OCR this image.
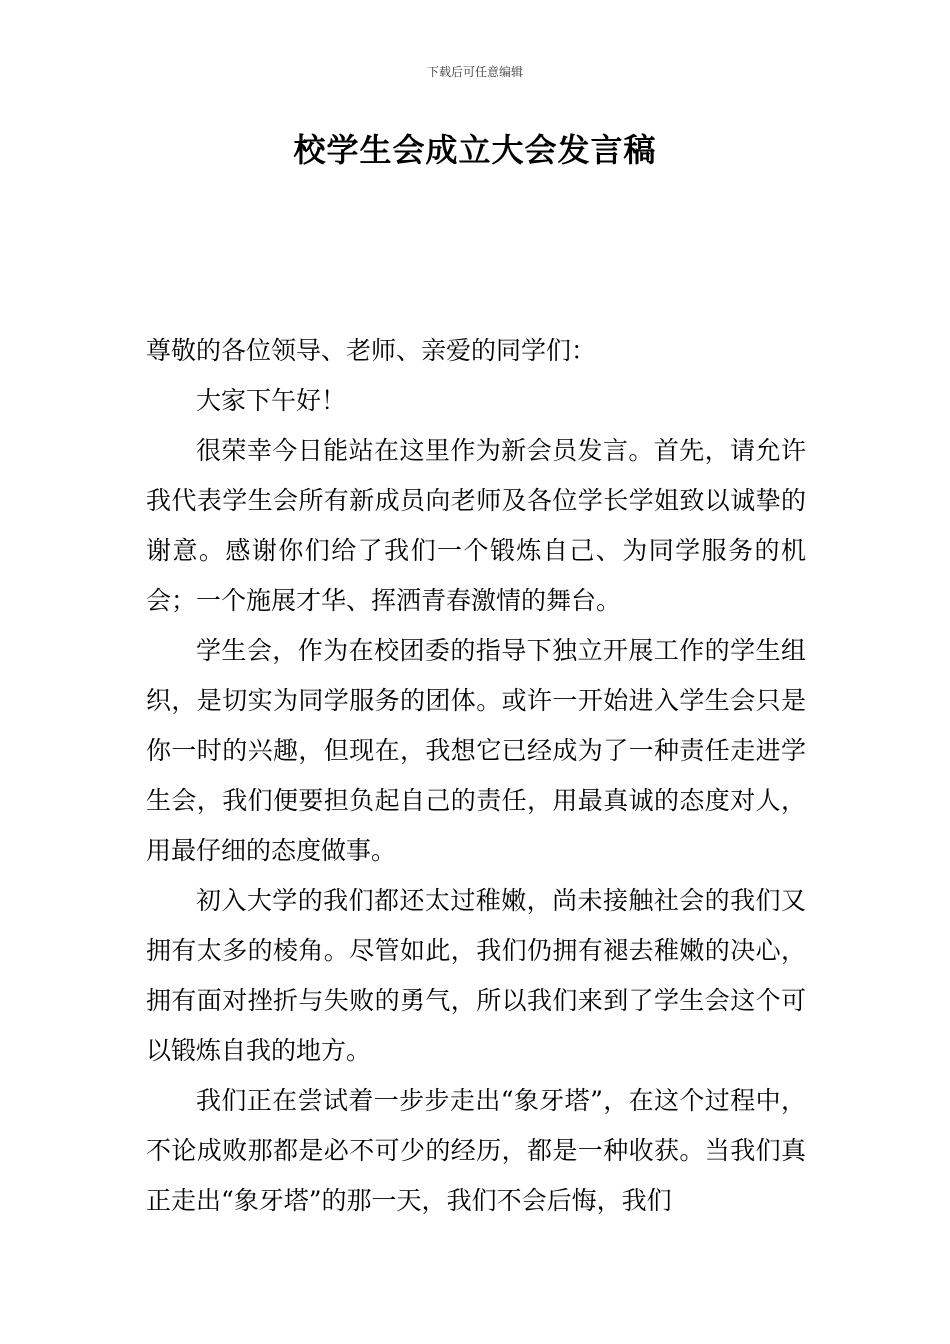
下载后可任意编辑
校学生会成立大会发言稿

尊敬的各位领导、老师、亲爱的同学们：

大家下午好！

很荣幸今日能站在这里作为新会员发言。首先，请允许我代表学生会所有新成员向老师及各位学长学姐致以诚挚的谢意。感谢你们给了我们一个锻炼自己、为同学服务的机会；一个施展才华、挥洒青春激情的舞台。

学生会，作为在校团委的指导下独立开展工作的学生组织，是切实为同学服务的团体。或许一开始进入学生会只是你一时的兴趣，但现在，我想它已经成为了一种责任走进学生会，我们便要担负起自己的责任，用最真诚的态度对人，用最仔细的态度做事。

初入大学的我们都还太过稚嫩，尚未接触社会的我们又拥有太多的棱角。尽管如此，我们仍拥有褪去稚嫩的决心，拥有面对挫折与失败的勇气，所以我们来到了学生会这个可以锻炼自我的地方。

我们正在尝试着一步步走出“象牙塔”，在这个过程中，不论成败那都是必不可少的经历，都是一种收获。当我们真正走出“象牙塔”的那一天，我们不会后悔，我们
